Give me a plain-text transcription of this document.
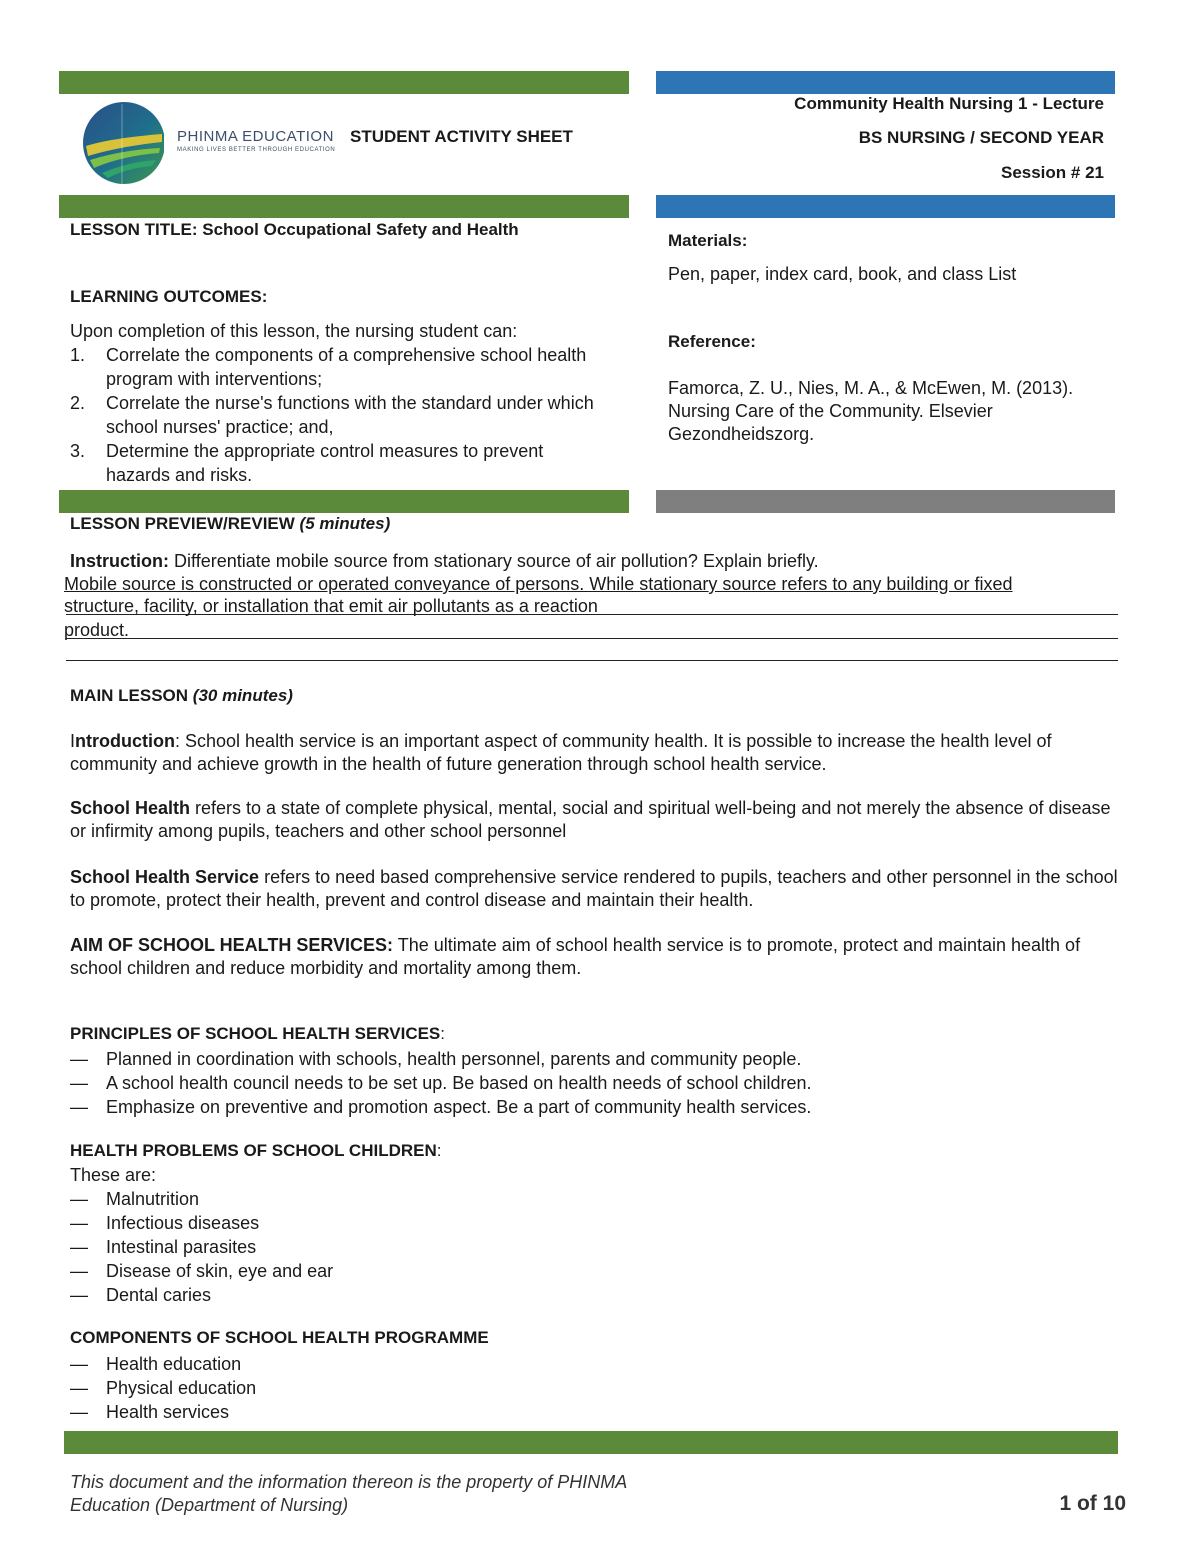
PHINMA EDUCATION
MAKING LIVES BETTER THROUGH EDUCATION
STUDENT ACTIVITY SHEET
Community Health Nursing 1 - Lecture
BS NURSING / SECOND YEAR
Session # 21
LESSON TITLE: School Occupational Safety and Health
LEARNING OUTCOMES:
Upon completion of this lesson, the nursing student can:
1. Correlate the components of a comprehensive school health program with interventions;
2. Correlate the nurse's functions with the standard under which school nurses' practice; and,
3. Determine the appropriate control measures to prevent hazards and risks.
Materials:
Pen, paper, index card, book, and class List
Reference:
Famorca, Z. U., Nies, M. A., & McEwen, M. (2013). Nursing Care of the Community. Elsevier Gezondheidszorg.
LESSON PREVIEW/REVIEW (5 minutes)
Instruction: Differentiate mobile source from stationary source of air pollution? Explain briefly.
Mobile source is constructed or operated conveyance of persons. While stationary source refers to any building or fixed
structure, facility, or installation that emit air pollutants as a reaction
product.
MAIN LESSON (30 minutes)
Introduction: School health service is an important aspect of community health. It is possible to increase the health level of community and achieve growth in the health of future generation through school health service.
School Health refers to a state of complete physical, mental, social and spiritual well-being and not merely the absence of disease or infirmity among pupils, teachers and other school personnel
School Health Service refers to need based comprehensive service rendered to pupils, teachers and other personnel in the school to promote, protect their health, prevent and control disease and maintain their health.
AIM OF SCHOOL HEALTH SERVICES: The ultimate aim of school health service is to promote, protect and maintain health of school children and reduce morbidity and mortality among them.
PRINCIPLES OF SCHOOL HEALTH SERVICES:
— Planned in coordination with schools, health personnel, parents and community people.
— A school health council needs to be set up. Be based on health needs of school children.
— Emphasize on preventive and promotion aspect. Be a part of community health services.
HEALTH PROBLEMS OF SCHOOL CHILDREN:
These are:
— Malnutrition
— Infectious diseases
— Intestinal parasites
— Disease of skin, eye and ear
— Dental caries
COMPONENTS OF SCHOOL HEALTH PROGRAMME
— Health education
— Physical education
— Health services
This document and the information thereon is the property of PHINMA
Education (Department of Nursing)	1 of 10
